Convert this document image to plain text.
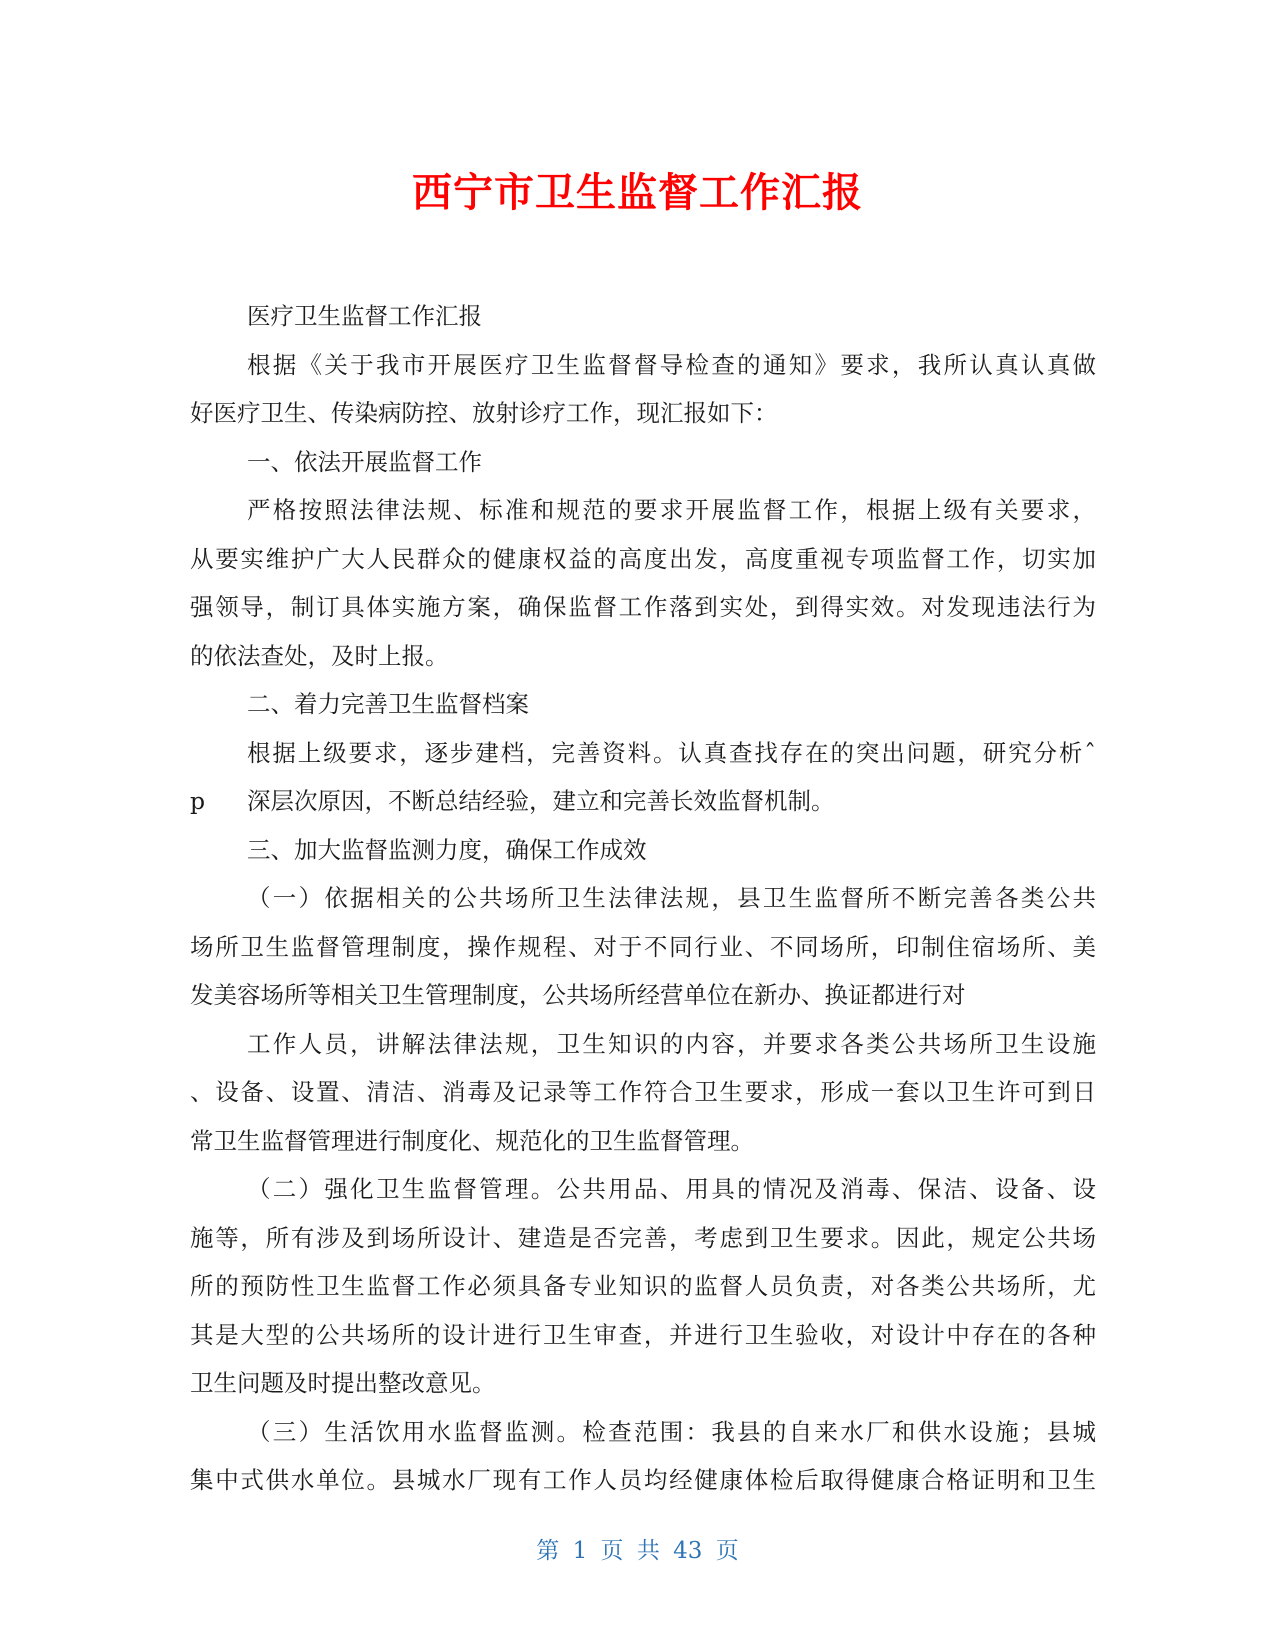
西宁市卫生监督工作汇报
医疗卫生监督工作汇报
根据《关于我市开展医疗卫生监督督导检查的通知》要求，我所认真认真做
好医疗卫生、传染病防控、放射诊疗工作，现汇报如下：
一、依法开展监督工作
严格按照法律法规、标准和规范的要求开展监督工作，根据上级有关要求，
从要实维护广大人民群众的健康权益的高度出发，高度重视专项监督工作，切实加
强领导，制订具体实施方案，确保监督工作落到实处，到得实效。对发现违法行为
的依法查处，及时上报。
二、着力完善卫生监督档案
根据上级要求，逐步建档，完善资料。认真查找存在的突出问题，研究分析ˆ
p 深层次原因，不断总结经验，建立和完善长效监督机制。
三、加大监督监测力度，确保工作成效
（一）依据相关的公共场所卫生法律法规，县卫生监督所不断完善各类公共
场所卫生监督管理制度，操作规程、对于不同行业、不同场所，印制住宿场所、美
发美容场所等相关卫生管理制度，公共场所经营单位在新办、换证都进行对
工作人员，讲解法律法规，卫生知识的内容，并要求各类公共场所卫生设施
、设备、设置、清洁、消毒及记录等工作符合卫生要求，形成一套以卫生许可到日
常卫生监督管理进行制度化、规范化的卫生监督管理。
（二）强化卫生监督管理。公共用品、用具的情况及消毒、保洁、设备、设
施等，所有涉及到场所设计、建造是否完善，考虑到卫生要求。因此，规定公共场
所的预防性卫生监督工作必须具备专业知识的监督人员负责，对各类公共场所，尤
其是大型的公共场所的设计进行卫生审查，并进行卫生验收，对设计中存在的各种
卫生问题及时提出整改意见。
（三）生活饮用水监督监测。检查范围：我县的自来水厂和供水设施；县城
集中式供水单位。县城水厂现有工作人员均经健康体检后取得健康合格证明和卫生
第 1 页 共 43 页
